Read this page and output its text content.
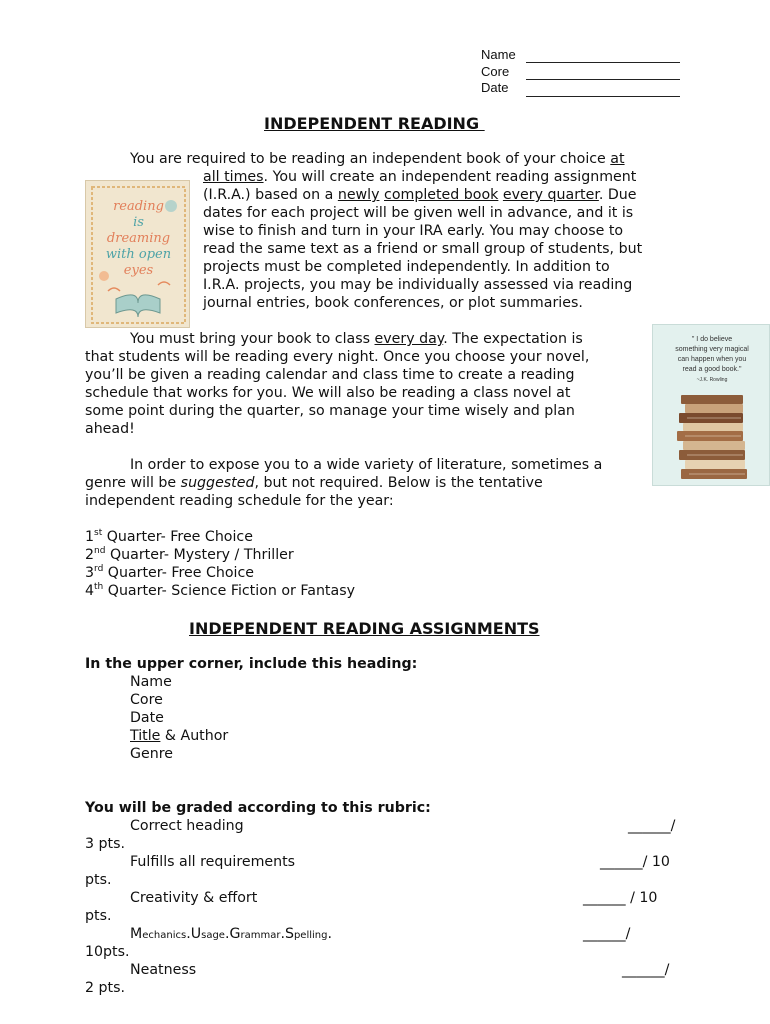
Name
Core
Date
INDEPENDENT READING
reading
is
dreaming
with open
eyes
" I do believe
something very magical
can happen when you
read a good book."
~J.K. Rowling
You are required to be reading an independent book of your choice at
all times. You will create an independent reading assignment
(I.R.A.) based on a newly completed book every quarter. Due
dates for each project will be given well in advance, and it is
wise to finish and turn in your IRA early. You may choose to
read the same text as a friend or small group of students, but
projects must be completed independently. In addition to
I.R.A. projects, you may be individually assessed via reading
journal entries, book conferences, or plot summaries.
You must bring your book to class every day. The expectation is
that students will be reading every night. Once you choose your novel,
you’ll be given a reading calendar and class time to create a reading
schedule that works for you. We will also be reading a class novel at
some point during the quarter, so manage your time wisely and plan
ahead!
In order to expose you to a wide variety of literature, sometimes a
genre will be suggested, but not required. Below is the tentative
independent reading schedule for the year:
1st Quarter- Free Choice
2nd Quarter- Mystery / Thriller
3rd Quarter- Free Choice
4th Quarter- Science Fiction or Fantasy
INDEPENDENT READING ASSIGNMENTS
In the upper corner, include this heading:
Name
Core
Date
Title & Author
Genre
You will be graded according to this rubric:
Correct heading	______/
3 pts.
Fulfills all requirements	______/ 10
pts.
Creativity & effort	______ / 10
pts.
Mechanics.Usage.Grammar.Spelling.	______/
10pts.
Neatness	______/
2 pts.
